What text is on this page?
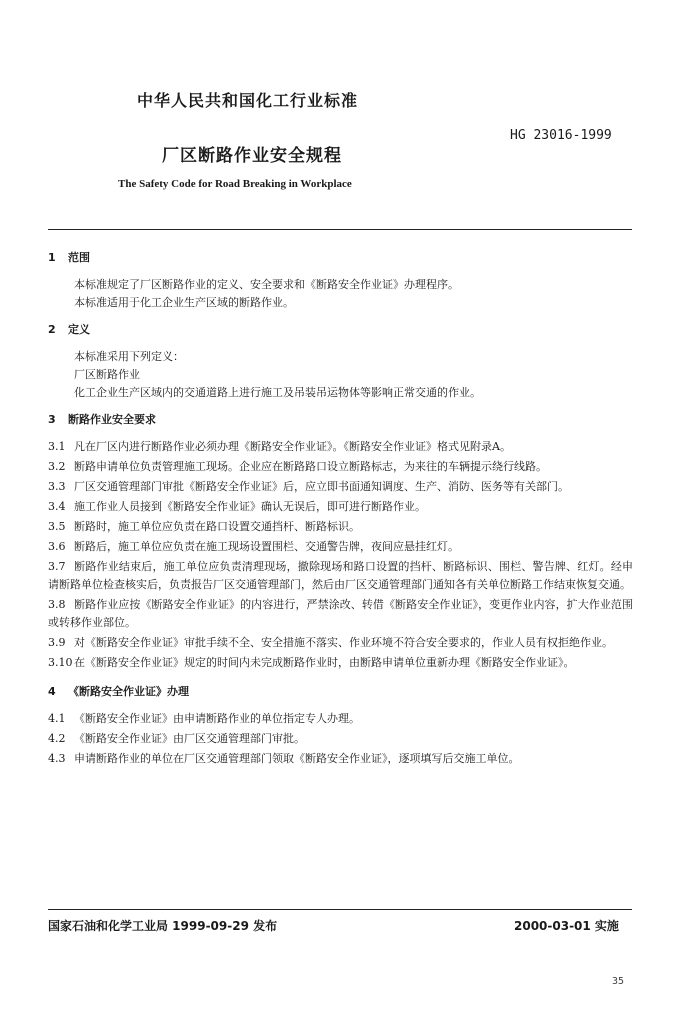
中华人民共和国化工行业标准
HG 23016-1999
厂区断路作业安全规程
The Safety Code for Road Breaking in Workplace
1 范围
本标准规定了厂区断路作业的定义、安全要求和《断路安全作业证》办理程序。
本标准适用于化工企业生产区域的断路作业。
2 定义
本标准采用下列定义：
厂区断路作业
化工企业生产区域内的交通道路上进行施工及吊装吊运物体等影响正常交通的作业。
3 断路作业安全要求
3.1 凡在厂区内进行断路作业必须办理《断路安全作业证》。《断路安全作业证》格式见附录A。
3.2 断路申请单位负责管理施工现场。企业应在断路路口设立断路标志，为来往的车辆提示绕行线路。
3.3 厂区交通管理部门审批《断路安全作业证》后，应立即书面通知调度、生产、消防、医务等有关部门。
3.4 施工作业人员接到《断路安全作业证》确认无误后，即可进行断路作业。
3.5 断路时，施工单位应负责在路口设置交通挡杆、断路标识。
3.6 断路后，施工单位应负责在施工现场设置围栏、交通警告牌，夜间应悬挂红灯。
3.7 断路作业结束后，施工单位应负责清理现场，撤除现场和路口设置的挡杆、断路标识、围栏、警告牌、红灯。经申请断路单位检查核实后，负责报告厂区交通管理部门，然后由厂区交通管理部门通知各有关单位断路工作结束恢复交通。
3.8 断路作业应按《断路安全作业证》的内容进行，严禁涂改、转借《断路安全作业证》，变更作业内容，扩大作业范围或转移作业部位。
3.9 对《断路安全作业证》审批手续不全、安全措施不落实、作业环境不符合安全要求的，作业人员有权拒绝作业。
3.10 在《断路安全作业证》规定的时间内未完成断路作业时，由断路申请单位重新办理《断路安全作业证》。
4 《断路安全作业证》办理
4.1 《断路安全作业证》由申请断路作业的单位指定专人办理。
4.2 《断路安全作业证》由厂区交通管理部门审批。
4.3 申请断路作业的单位在厂区交通管理部门领取《断路安全作业证》，逐项填写后交施工单位。
国家石油和化学工业局 1999-09-29 发布	2000-03-01 实施
35
